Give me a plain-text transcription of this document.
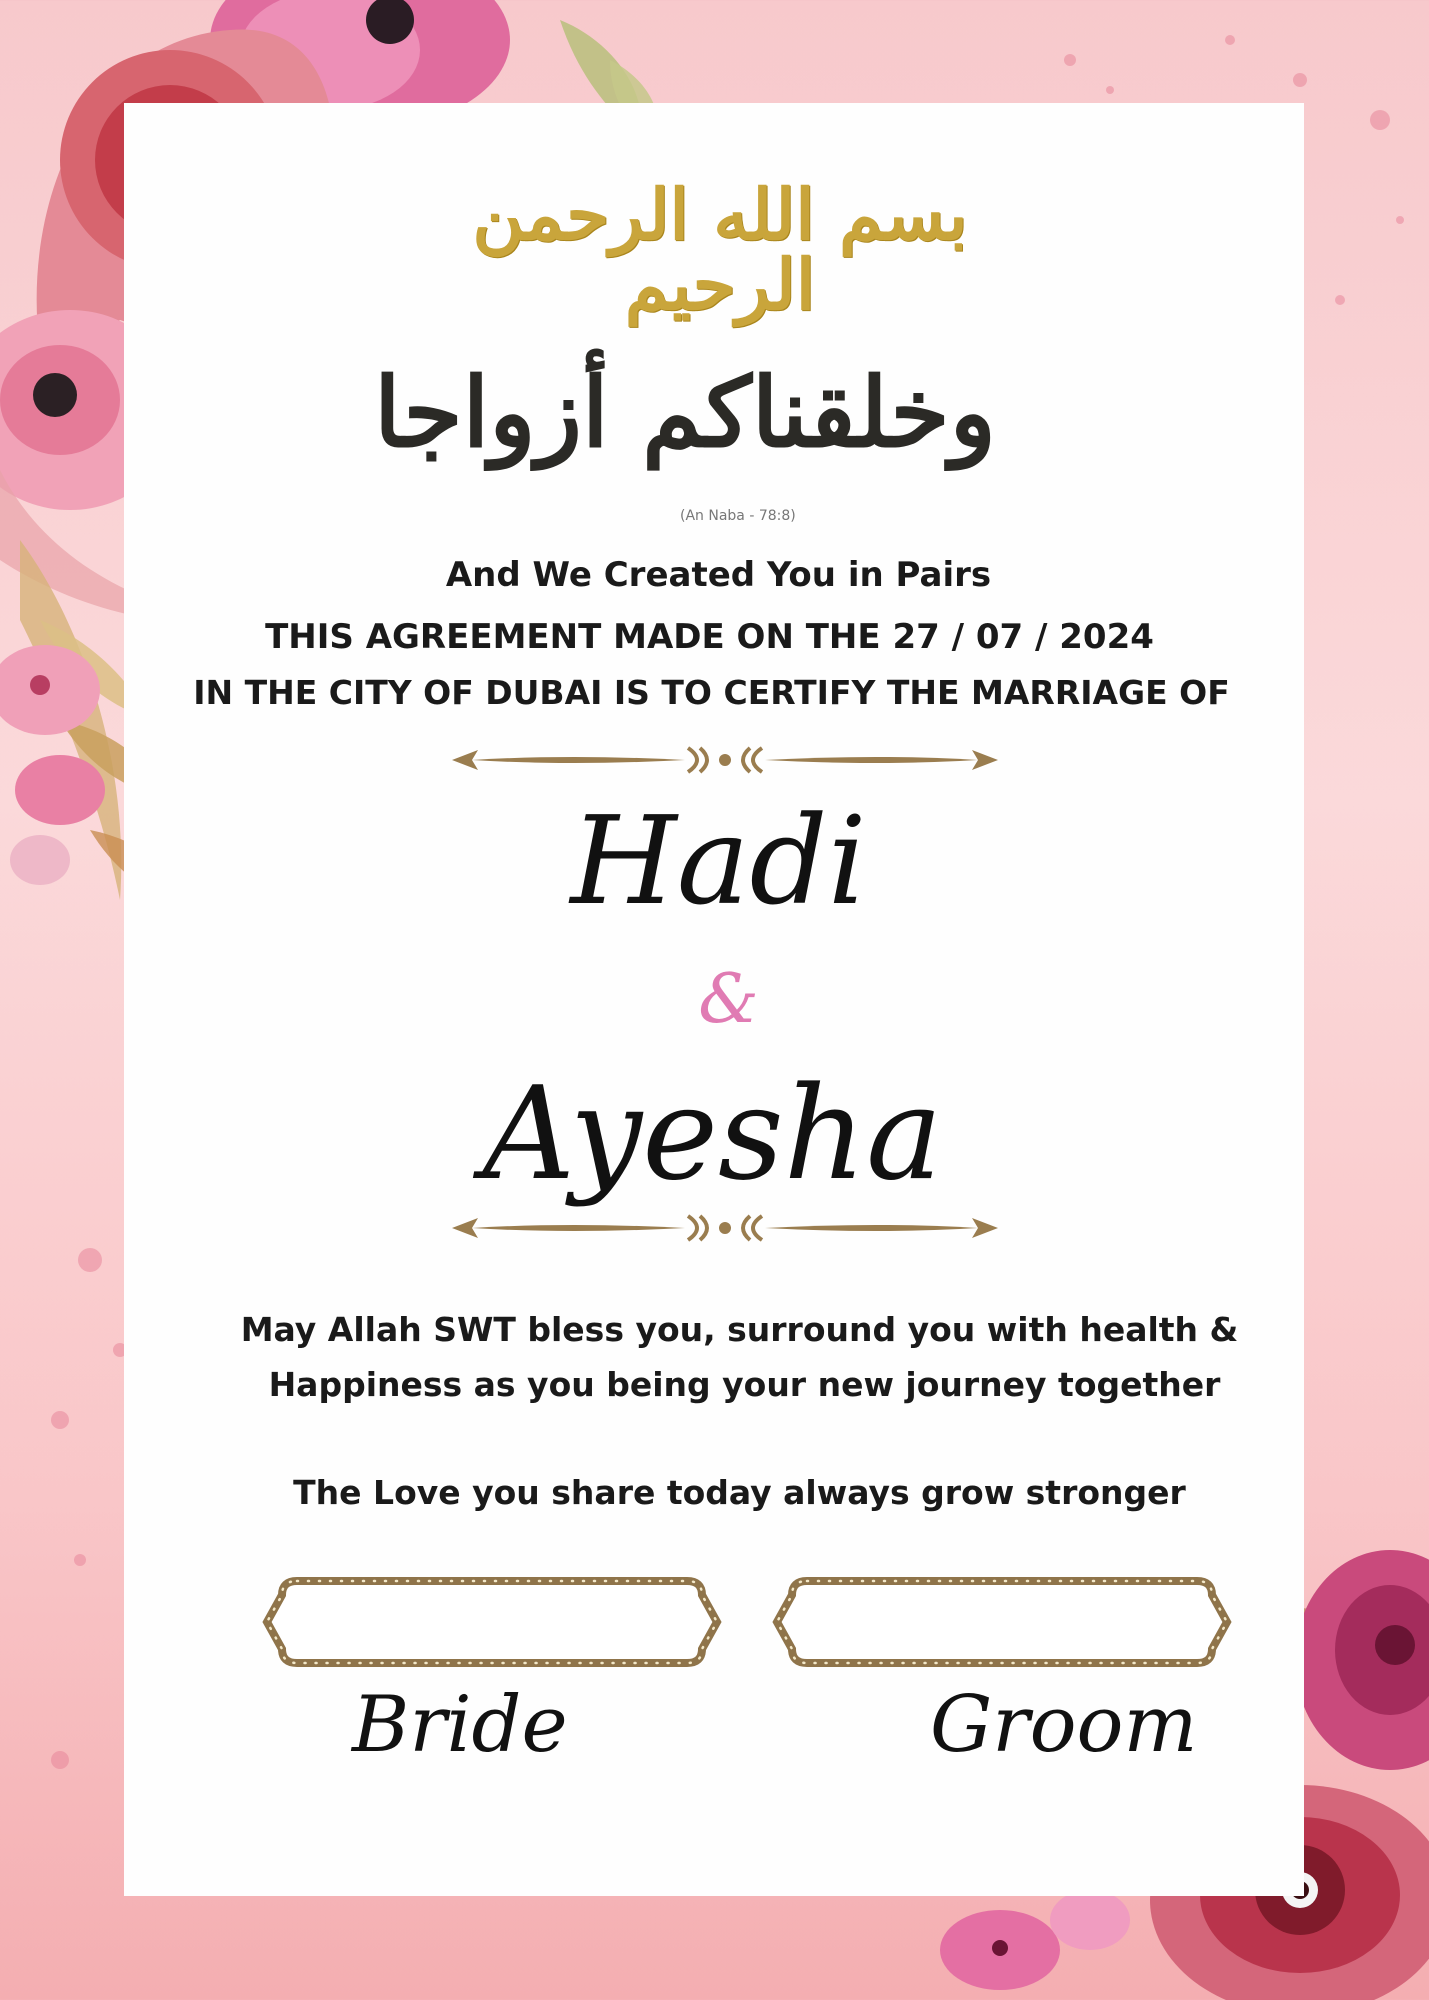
بسم الله الرحمن الرحيم
وخلقناكم أزواجا
(An Naba - 78:8)
And We Created You in Pairs
THIS AGREEMENT MADE ON THE 27 / 07 / 2024
IN THE CITY OF DUBAI IS TO CERTIFY THE MARRIAGE OF
Hadi
&
Ayesha
May Allah SWT bless you, surround you with health &
Happiness as you being your new journey together
The Love you share today always grow stronger
Bride	Groom
